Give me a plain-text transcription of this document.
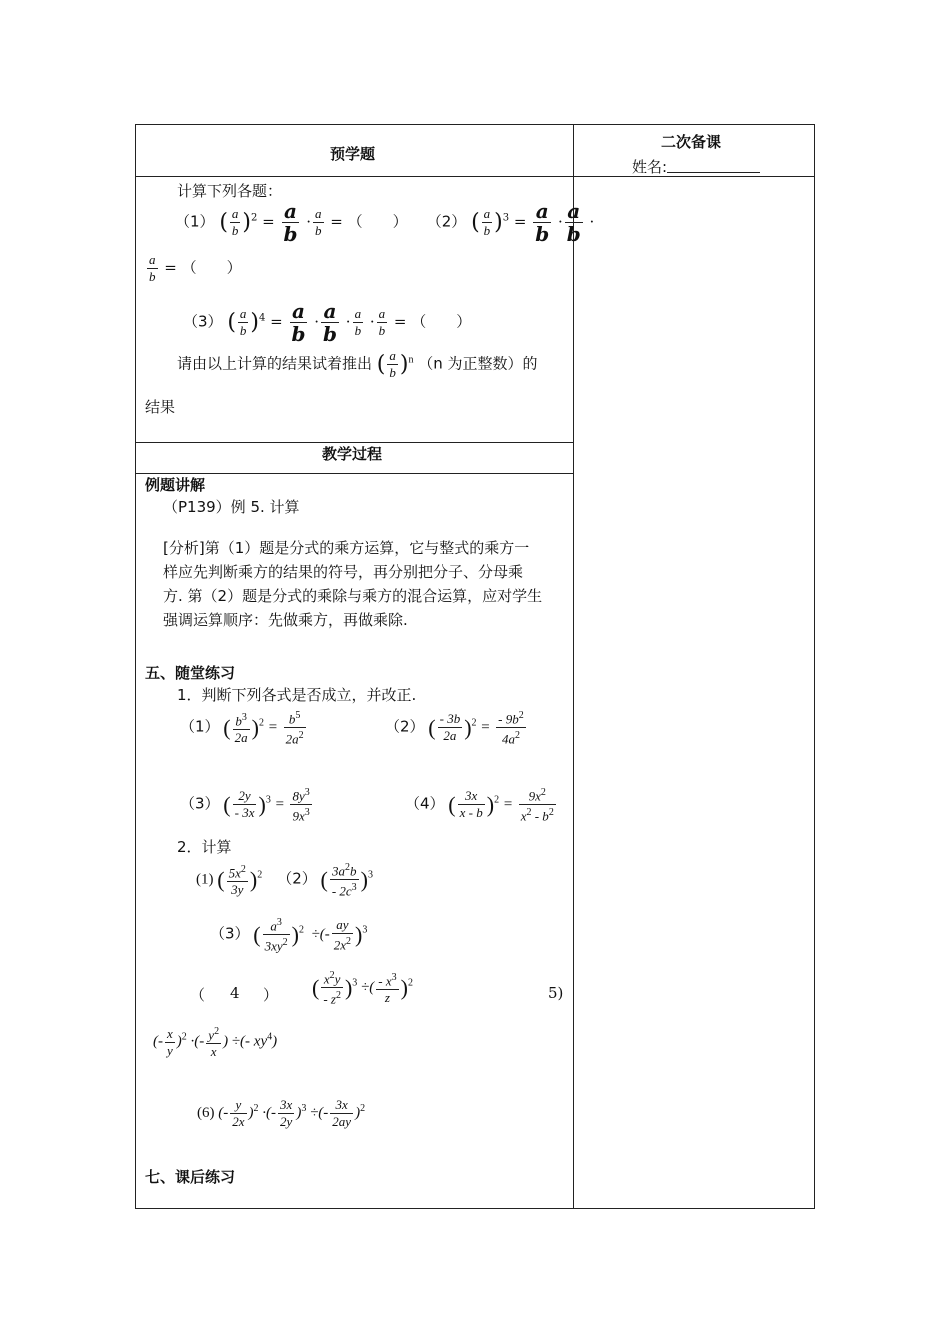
预学题
二次备课
姓名:
计算下列各题：
（1） ( $\frac{a}{b} )^2 = \frac{a}{b} \cdot \frac{a}{b}$ = （　　） （2） ( $\frac{a}{b} )^3 = \frac{a}{b} \cdot \frac{a}{b}$ ·
$\frac{a}{b}$ = （　　）
（3） ( $\frac{a}{b} )^4 = \frac{a}{b} \cdot \frac{a}{b} \cdot \frac{a}{b} \cdot \frac{a}{b}$ = （　　）
请由以上计算的结果试着推出 ( $\frac{a}{b} )^n$ （n 为正整数）的
结果
教学过程
例题讲解
（P139）例 5. 计算
[分析]第（1）题是分式的乘方运算，它与整式的乘方一
样应先判断乘方的结果的符号，再分别把分子、分母乘
方. 第（2）题是分式的乘除与乘方的混合运算，应对学生
强调运算顺序：先做乘方，再做乘除.
五、随堂练习
1．判断下列各式是否成立，并改正.
（1） ( $\frac{b^3}{2a} )^2 = \frac{b^5}{2a^2}$	（2） ( $\frac{- 3b}{2a} )^2 = \frac{- 9b^2}{4a^2}$
（3） ( $\frac{2y}{- 3x} )^3 = \frac{8y^3}{9x^3}$	（4） ( $\frac{3x}{x - b} )^2 = \frac{9x^2}{x^2 - b^2}$
2．计算
(1) ( $\frac{5x^2}{3y} )^2$ （2） ( $\frac{3a^2b}{- 2c^3} )^3$
（3） ( $\frac{a^3}{3xy^2} )^2$  ÷(- $\frac{ay}{2x^2} )^3$
（ 4 ） ( $\frac{x^2y}{- z^2} )^3$ ÷( $\frac{- x^3}{z} )^2$
5)
(- $\frac{x}{y} )^2$ ·(- $\frac{y^2}{x}$ ) ÷(- $xy^4$)
(6) (- $\frac{y}{2x} )^2$ ·(- $\frac{3x}{2y} )^3$ ÷(- $\frac{3x}{2ay} )^2$
七、课后练习
